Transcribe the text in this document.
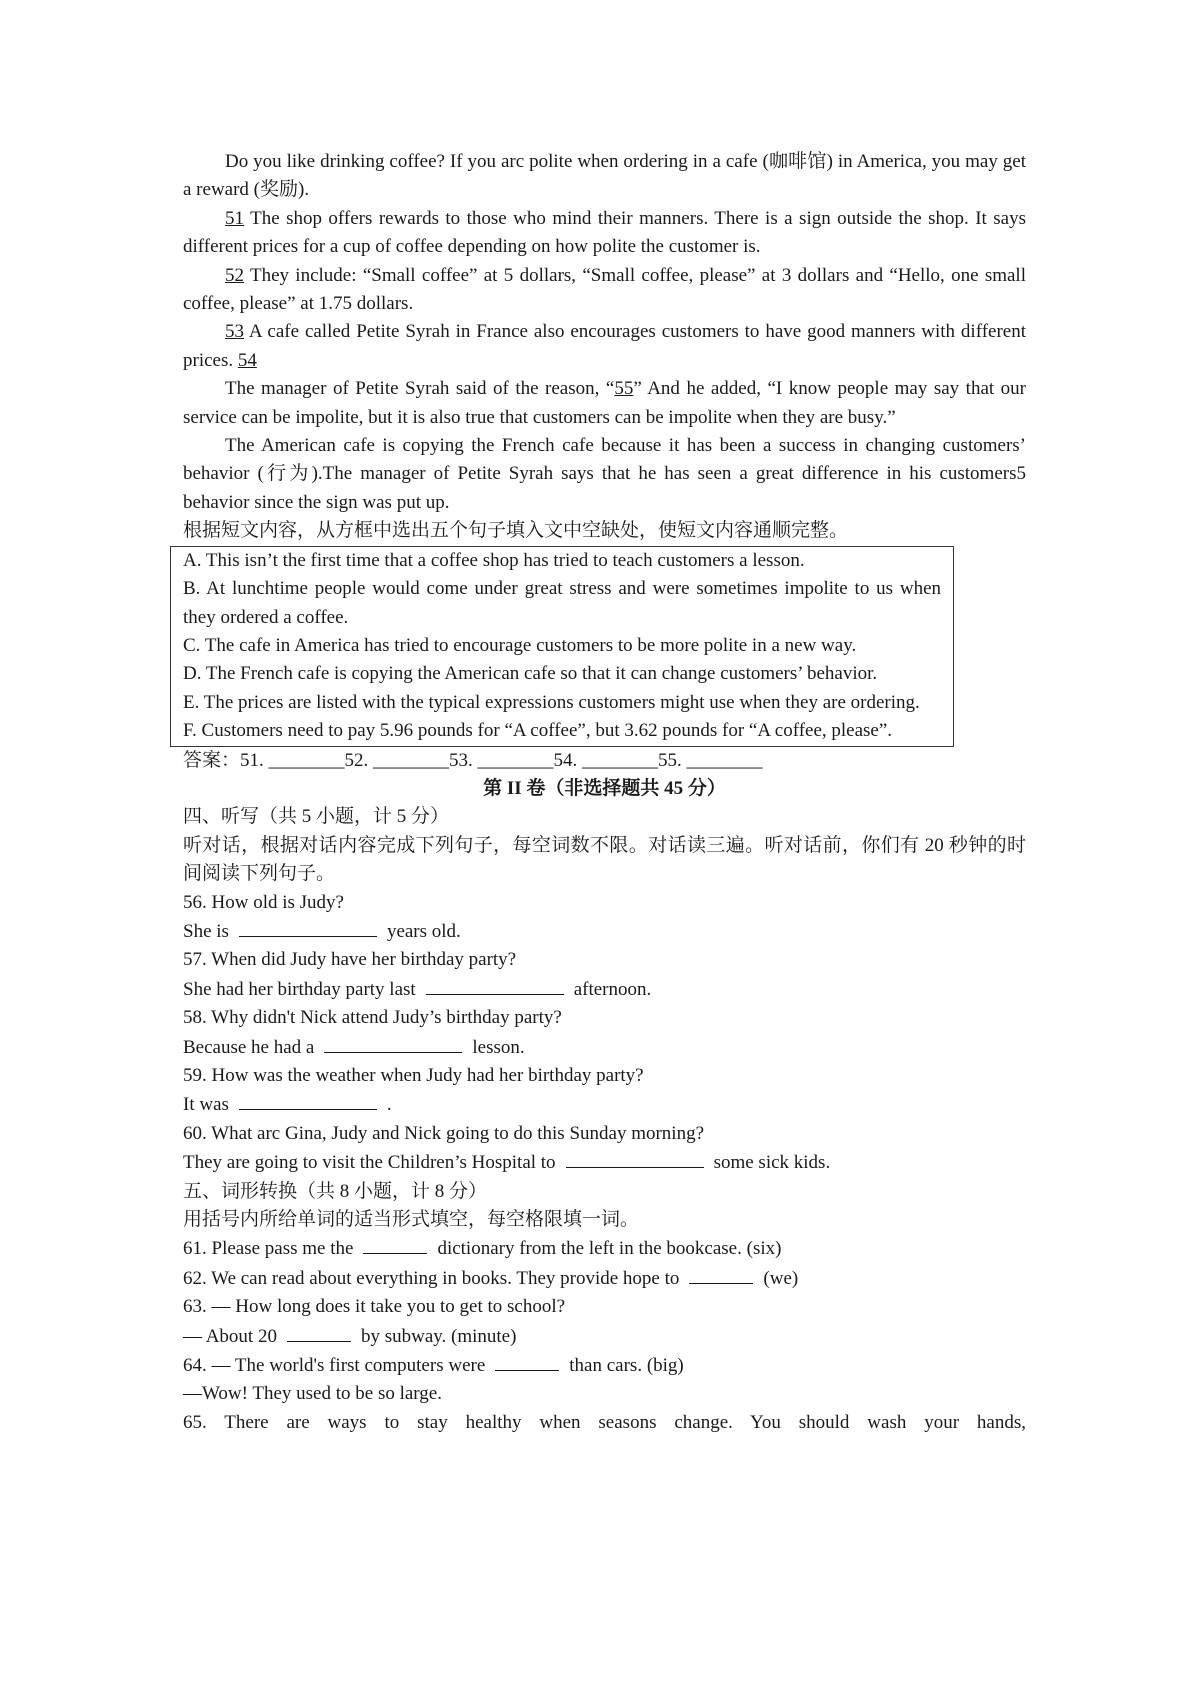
Do you like drinking coffee? If you arc polite when ordering in a cafe (咖啡馆) in America, you may get a reward (奖励).

51 The shop offers rewards to those who mind their manners. There is a sign outside the shop. It says different prices for a cup of coffee depending on how polite the customer is.

52 They include: “Small coffee” at 5 dollars, “Small coffee, please” at 3 dollars and “Hello, one small coffee, please” at 1.75 dollars.

53 A cafe called Petite Syrah in France also encourages customers to have good manners with different prices. 54

The manager of Petite Syrah said of the reason, “55” And he added, “I know people may say that our service can be impolite, but it is also true that customers can be impolite when they are busy.”

The American cafe is copying the French cafe because it has been a success in changing customers’ behavior (行为).The manager of Petite Syrah says that he has seen a great difference in his customers5 behavior since the sign was put up.

根据短文内容，从方框中选出五个句子填入文中空缺处，使短文内容通顺完整。

A. This isn’t the first time that a coffee shop has tried to teach customers a lesson.

B. At lunchtime people would come under great stress and were sometimes impolite to us when they ordered a coffee.

C. The cafe in America has tried to encourage customers to be more polite in a new way.

D. The French cafe is copying the American cafe so that it can change customers’ behavior.

E. The prices are listed with the typical expressions customers might use when they are ordering.

F. Customers need to pay 5.96 pounds for “A coffee”, but 3.62 pounds for “A coffee, please”.

答案：51. ________52. ________53. ________54. ________55. ________

第 II 卷（非选择题共 45 分）

四、听写（共 5 小题，计 5 分）

听对话，根据对话内容完成下列句子，每空词数不限。对话读三遍。听对话前，你们有 20 秒钟的时间阅读下列句子。

56. How old is Judy?

She is	years old.

57. When did Judy have her birthday party?

She had her birthday party last	afternoon.

58. Why didn't Nick attend Judy’s birthday party?

Because he had a	lesson.

59. How was the weather when Judy had her birthday party?

It was	.

60. What arc Gina, Judy and Nick going to do this Sunday morning?

They are going to visit the Children’s Hospital to	some sick kids.

五、词形转换（共 8 小题，计 8 分）

用括号内所给单词的适当形式填空，每空格限填一词。

61. Please pass me the	dictionary from the left in the bookcase. (six)

62. We can read about everything in books. They provide hope to	(we)

63. — How long does it take you to get to school?

— About 20	by subway. (minute)

64. — The world's first computers were	than cars. (big)

—Wow! They used to be so large.

65. There are ways to stay healthy when seasons change. You should wash your hands,
